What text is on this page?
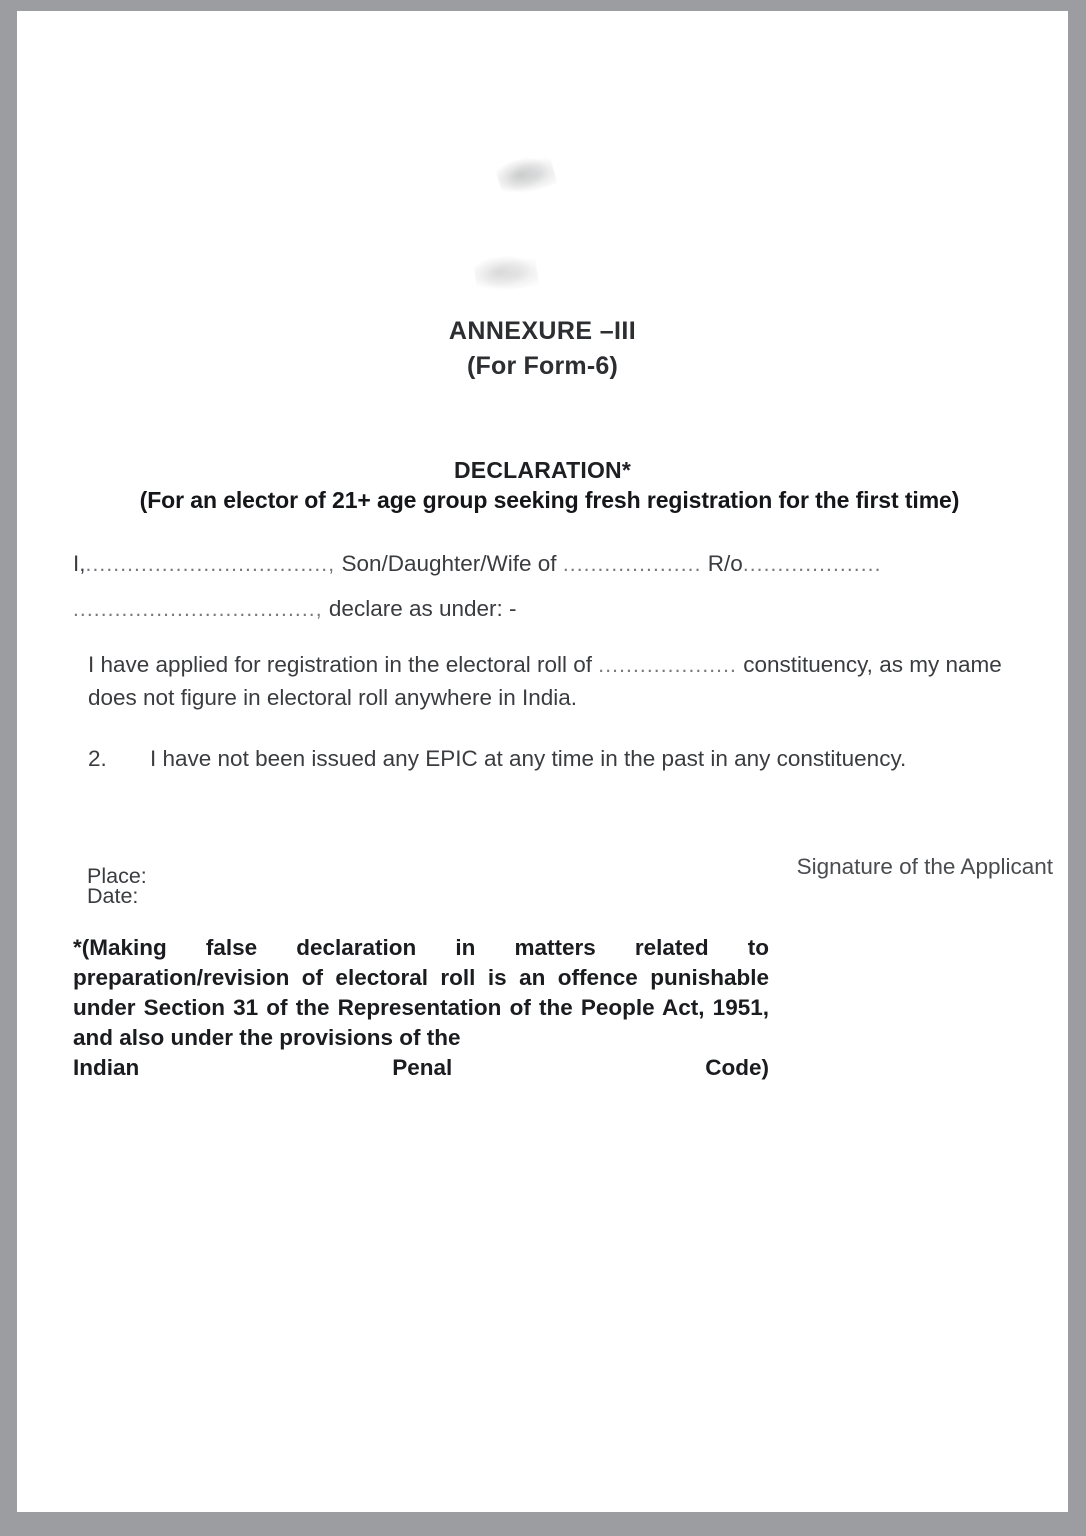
ANNEXURE –III
(For Form-6)
DECLARATION*
(For an elector of 21+ age group seeking fresh registration for the first time)
I,..................................., Son/Daughter/Wife of .................... R/o....................
..................................., declare as under: -
I have applied for registration in the electoral roll of .................... constituency, as my name does not figure in electoral roll anywhere in India.
2. I have not been issued any EPIC at any time in the past in any constituency.
Signature of the Applicant
Place:
Date:
*(Making false declaration in matters related to preparation/revision of electoral roll is an offence punishable under Section 31 of the Representation of the People Act, 1951, and also under the provisions of the
Indian	Penal	Code)
